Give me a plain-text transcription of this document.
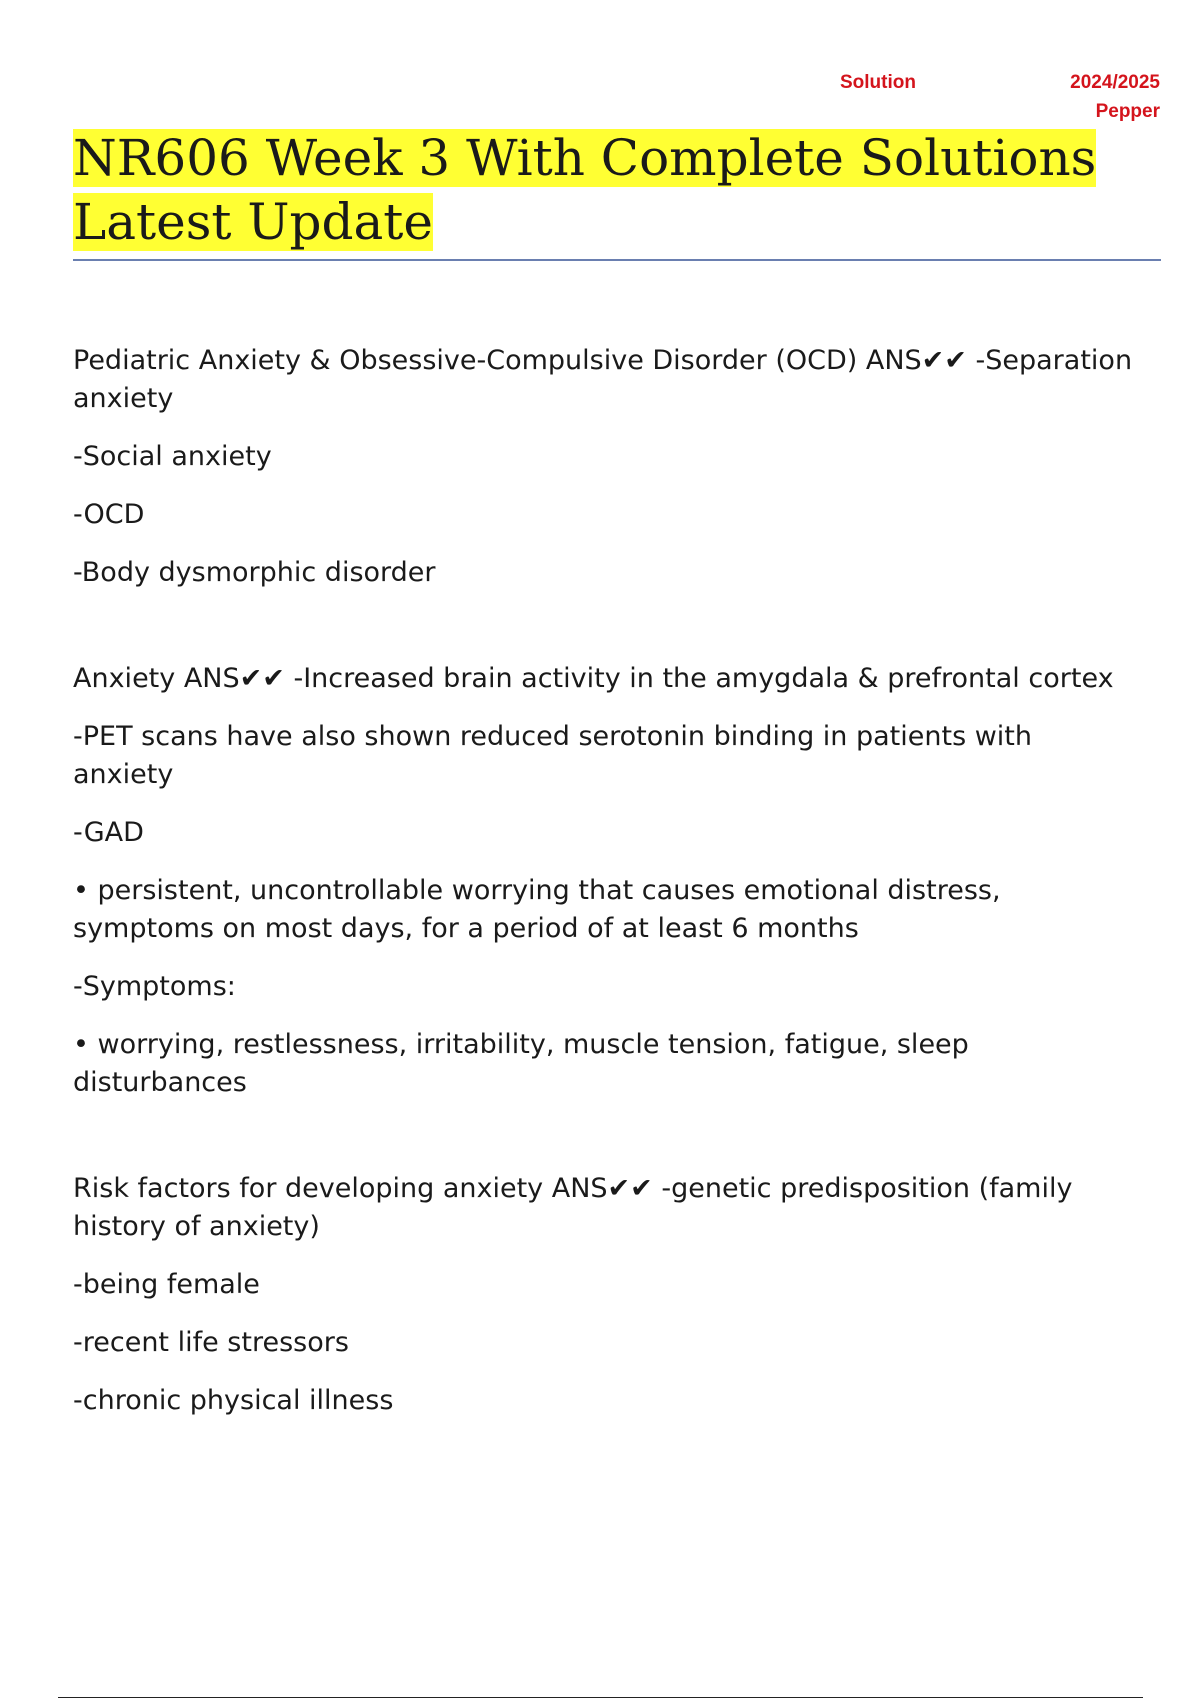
Solution	2024/2025
Pepper
NR606 Week 3 With Complete Solutions Latest Update

Pediatric Anxiety & Obsessive-Compulsive Disorder (OCD) ANS✔✔ -Separation anxiety

-Social anxiety

-OCD

-Body dysmorphic disorder

Anxiety ANS✔✔ -Increased brain activity in the amygdala & prefrontal cortex

-PET scans have also shown reduced serotonin binding in patients with anxiety

-GAD

• persistent, uncontrollable worrying that causes emotional distress, symptoms on most days, for a period of at least 6 months

-Symptoms:

• worrying, restlessness, irritability, muscle tension, fatigue, sleep disturbances

Risk factors for developing anxiety ANS✔✔ -genetic predisposition (family history of anxiety)

-being female

-recent life stressors

-chronic physical illness
